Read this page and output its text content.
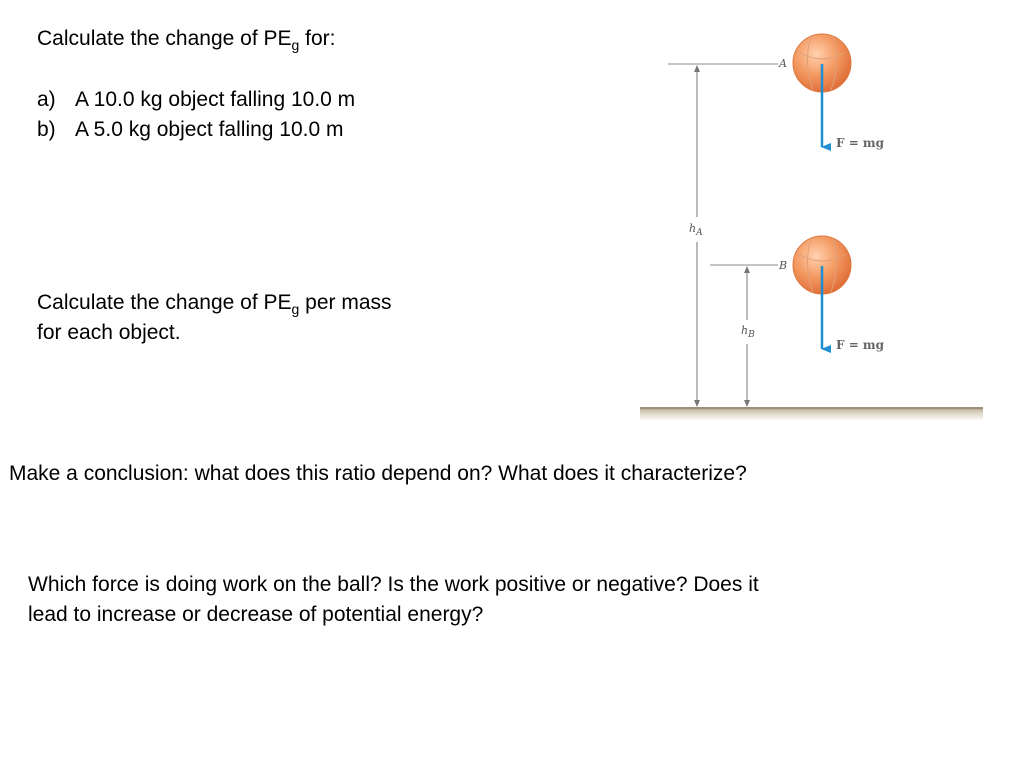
Calculate the change of $PE_g$ for:
a) A 10.0 kg object falling 10.0 m
b) A 5.0 kg object falling 10.0 m
Calculate the change of $PE_g$ per mass
for each object.
Make a conclusion: what does this ratio depend on? What does it characterize?
Which force is doing work on the ball? Is the work positive or negative? Does it
lead to increase or decrease of potential energy?
$h_A$
$h_B$
A
B
F = mg
F = mg
